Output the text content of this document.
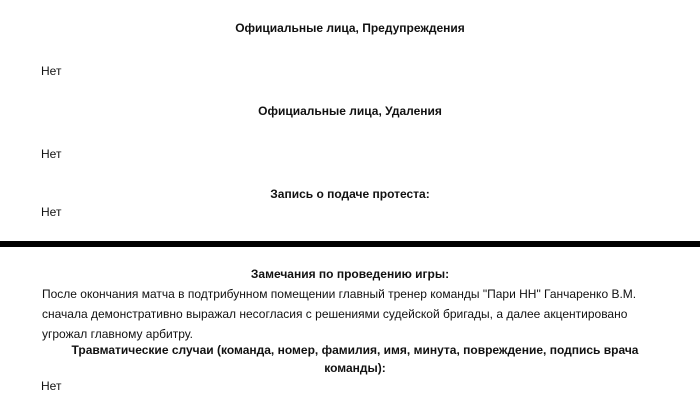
Официальные лица, Предупреждения
Нет
Официальные лица, Удаления
Нет
Запись о подаче протеста:
Нет
Замечания по проведению игры:
После окончания матча в подтрибунном помещении главный тренер команды "Пари НН" Ганчаренко В.М.
сначала демонстративно выражал несогласия с решениями судейской бригады, а далее акцентировано
угрожал главному арбитру.
Травматические случаи (команда, номер, фамилия, имя, минута, повреждение, подпись врача
команды):
Нет
